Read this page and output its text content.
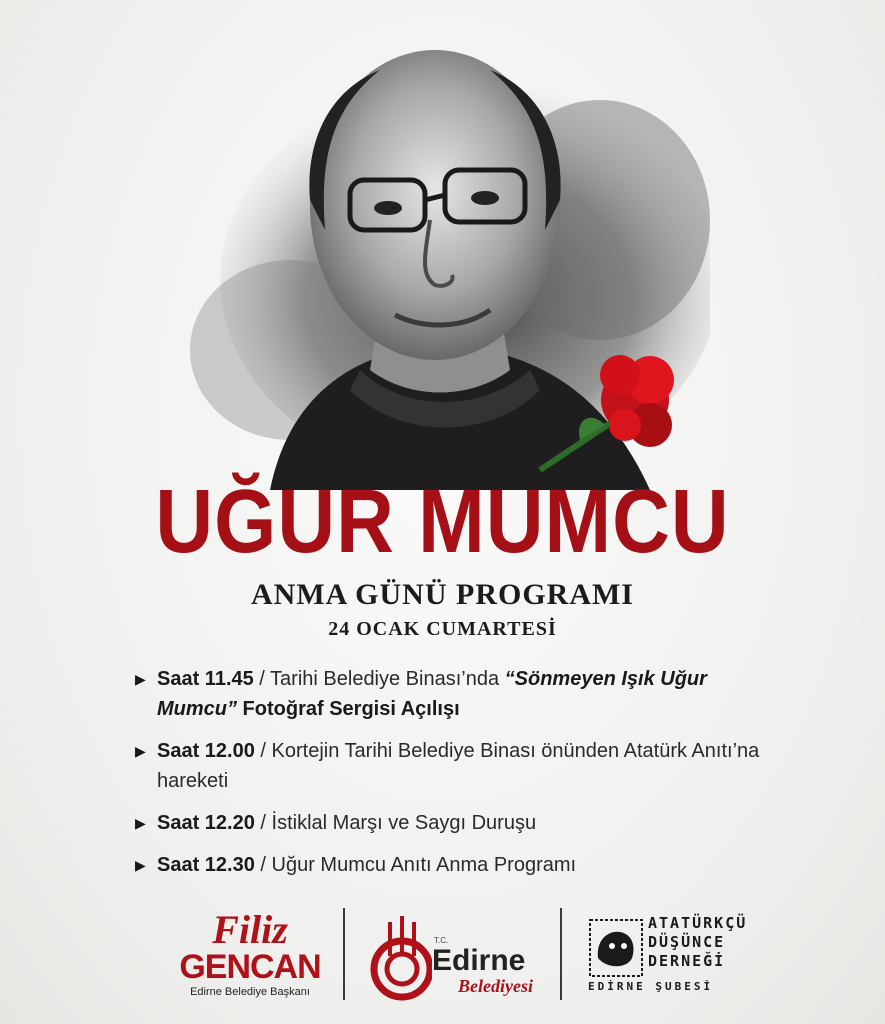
UĞUR MUMCU
ANMA GÜNÜ PROGRAMI
24 OCAK CUMARTESİ
▶ Saat 11.45 / Tarihi Belediye Binası’nda “Sönmeyen Işık Uğur Mumcu” Fotoğraf Sergisi Açılışı
▶ Saat 12.00 / Kortejin Tarihi Belediye Binası önünden Atatürk Anıtı’na hareketi
▶ Saat 12.20 / İstiklal Marşı ve Saygı Duruşu
▶ Saat 12.30 / Uğur Mumcu Anıtı Anma Programı
Filiz
GENCAN
Edirne Belediye Başkanı
T.C.
Edirne
Belediyesi
ATATÜRKÇÜ
DÜŞÜNCE
DERNEĞİ
EDİRNE ŞUBESİ
